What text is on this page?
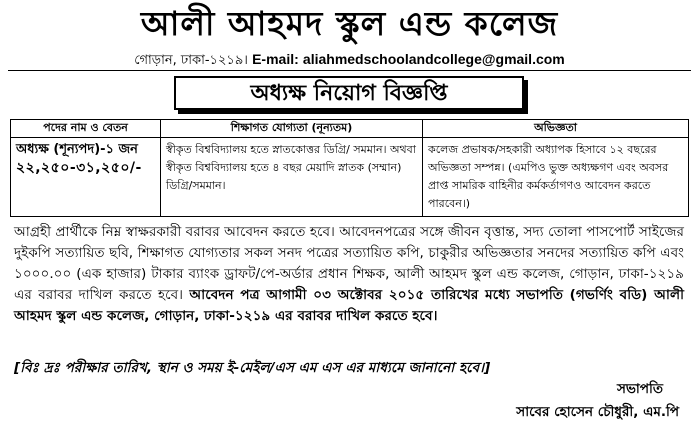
আলী আহমদ স্কুল এন্ড কলেজ
গোড়ান, ঢাকা-১২১৯। E-mail: aliahmedschoolandcollege@gmail.com
অধ্যক্ষ নিয়োগ বিজ্ঞপ্তি
পদের নাম ও বেতন	শিক্ষাগত যোগ্যতা (নূন্যতম)	অভিজ্ঞতা

অধ্যক্ষ (শূন্যপদ)-১ জন
২২,২৫০-৩১,২৫০/-	স্বীকৃত বিশ্ববিদ্যালয় হতে স্নাতকোত্তর ডিগ্রি/ সমমান। অথবা স্বীকৃত বিশ্ববিদ্যালয় হতে ৪ বছর মেয়াদি স্নাতক (সম্মান) ডিগ্রি/সমমান।	কলেজ প্রভাষক/সহকারী অধ্যাপক হিসাবে ১২ বছরের অভিজ্ঞতা সম্পন্ন। (এমপিও ভুক্ত অধ্যক্ষগণ এবং অবসর প্রাপ্ত সামরিক বাহিনীর কর্মকর্তাগণও আবেদন করতে পারবেন।)
আগ্রহী প্রার্থীকে নিম্ন স্বাক্ষরকারী বরাবর আবেদন করতে হবে। আবেদনপত্রের সঙ্গে জীবন বৃত্তান্ত, সদ্য তোলা পাসপোর্ট সাইজের দুইকপি সত্যায়িত ছবি, শিক্ষাগত যোগ্যতার সকল সনদ পত্রের সত্যায়িত কপি, চাকুরীর অভিজ্ঞতার সনদের সত্যায়িত কপি এবং ১০০০.০০ (এক হাজার) টাকার ব্যাংক ড্রাফট/পে-অর্ডার প্রধান শিক্ষক, আলী আহমদ স্কুল এন্ড কলেজ, গোড়ান, ঢাকা-১২১৯ এর বরাবর দাখিল করতে হবে। আবেদন পত্র আগামী ০৩ অক্টোবর ২০১৫ তারিখের মধ্যে সভাপতি (গভর্ণিং বডি) আলী আহমদ স্কুল এন্ড কলেজ, গোড়ান, ঢাকা-১২১৯ এর বরাবর দাখিল করতে হবে।
[বিঃ দ্রঃ পরীক্ষার তারিখ, স্থান ও সময় ই-মেইল/এস এম এস এর মাধ্যমে জানানো হবে।]
সভাপতি
সাবের হোসেন চৌধুরী, এম.পি
